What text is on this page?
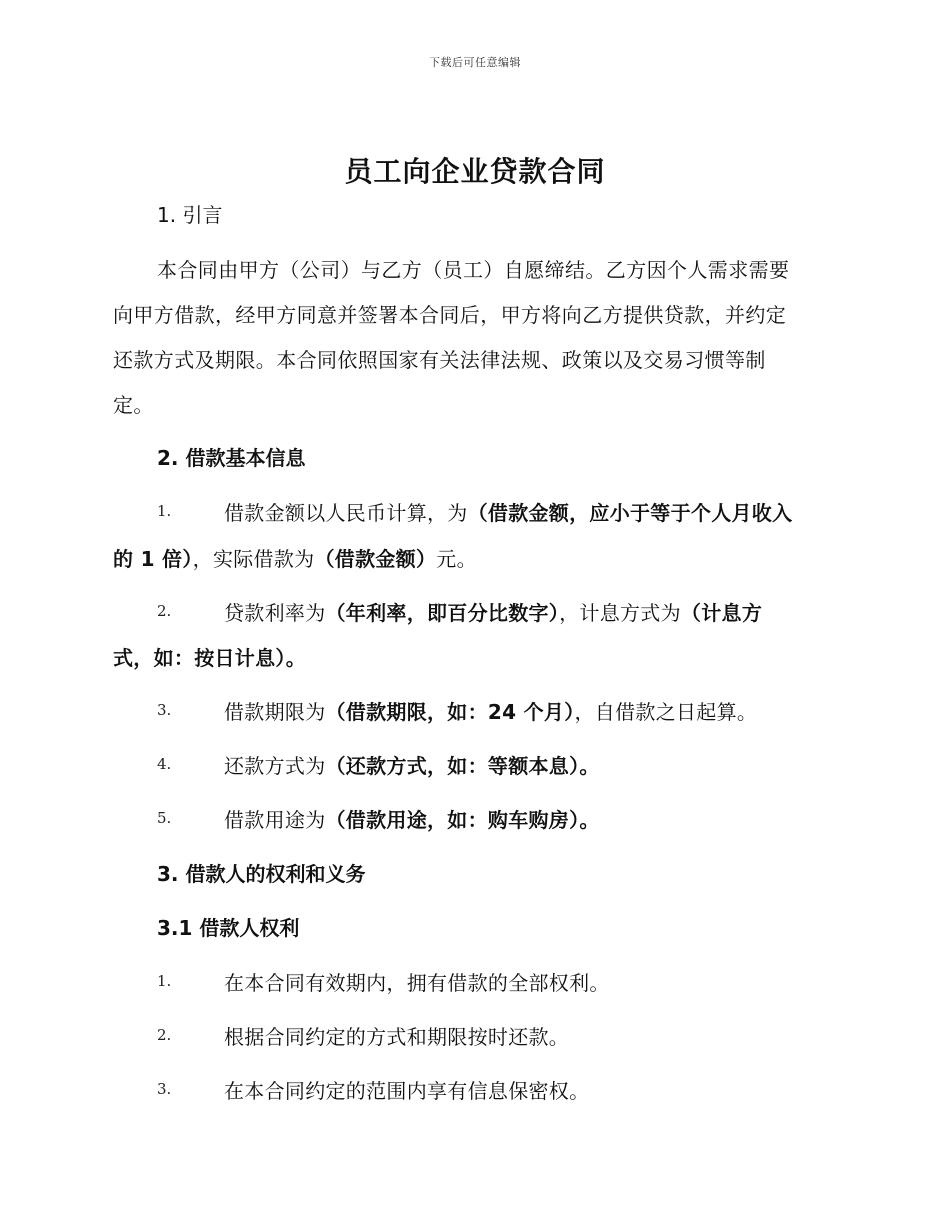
下载后可任意编辑
员工向企业贷款合同
1. 引言
本合同由甲方（公司）与乙方（员工）自愿缔结。乙方因个人需求需要
向甲方借款，经甲方同意并签署本合同后，甲方将向乙方提供贷款，并约定
还款方式及期限。本合同依照国家有关法律法规、政策以及交易习惯等制
定。
2. 借款基本信息
1.	借款金额以人民币计算，为（借款金额，应小于等于个人月收入
的 1 倍），实际借款为（借款金额）元。
2.	贷款利率为（年利率，即百分比数字），计息方式为（计息方
式，如：按日计息）。
3.	借款期限为（借款期限，如：24 个月），自借款之日起算。
4.	还款方式为（还款方式，如：等额本息）。
5.	借款用途为（借款用途，如：购车购房）。
3. 借款人的权利和义务
3.1 借款人权利
1.	在本合同有效期内，拥有借款的全部权利。
2.	根据合同约定的方式和期限按时还款。
3.	在本合同约定的范围内享有信息保密权。
